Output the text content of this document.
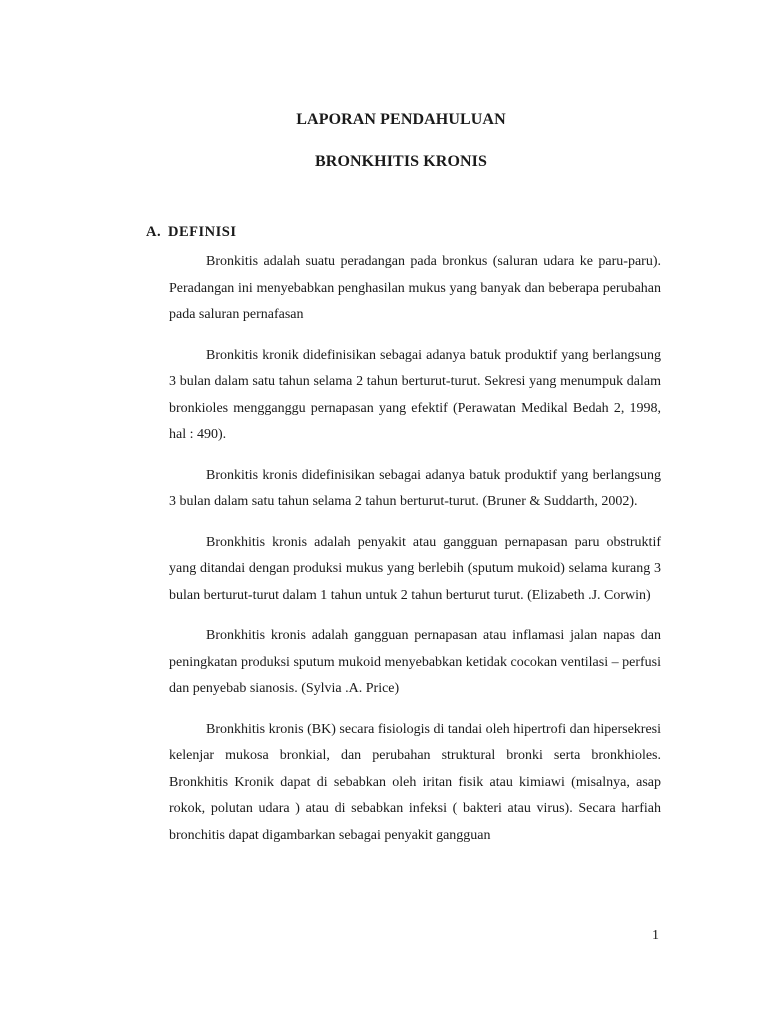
LAPORAN PENDAHULUAN
BRONKHITIS KRONIS
A. DEFINISI

Bronkitis adalah suatu peradangan pada bronkus (saluran udara ke paru-paru). Peradangan ini menyebabkan penghasilan mukus yang banyak dan beberapa perubahan pada saluran pernafasan

Bronkitis kronik didefinisikan sebagai adanya batuk produktif yang berlangsung 3 bulan dalam satu tahun selama 2 tahun berturut-turut. Sekresi yang menumpuk dalam bronkioles mengganggu pernapasan yang efektif (Perawatan Medikal Bedah 2, 1998, hal : 490).

Bronkitis kronis didefinisikan sebagai adanya batuk produktif yang berlangsung 3 bulan dalam satu tahun selama 2 tahun berturut-turut. (Bruner & Suddarth, 2002).

Bronkhitis kronis adalah penyakit atau gangguan pernapasan paru obstruktif yang ditandai dengan produksi mukus yang berlebih (sputum mukoid) selama kurang 3 bulan berturut-turut dalam 1 tahun untuk 2 tahun berturut turut. (Elizabeth .J. Corwin)

Bronkhitis kronis adalah gangguan pernapasan atau inflamasi jalan napas dan peningkatan produksi sputum mukoid menyebabkan ketidak cocokan ventilasi – perfusi dan penyebab sianosis. (Sylvia .A. Price)

Bronkhitis kronis (BK) secara fisiologis di tandai oleh hipertrofi dan hipersekresi kelenjar mukosa bronkial, dan perubahan struktural bronki serta bronkhioles. Bronkhitis Kronik dapat di sebabkan oleh iritan fisik atau kimiawi (misalnya, asap rokok, polutan udara ) atau di sebabkan infeksi ( bakteri atau virus). Secara harfiah bronchitis dapat digambarkan sebagai penyakit gangguan

1
